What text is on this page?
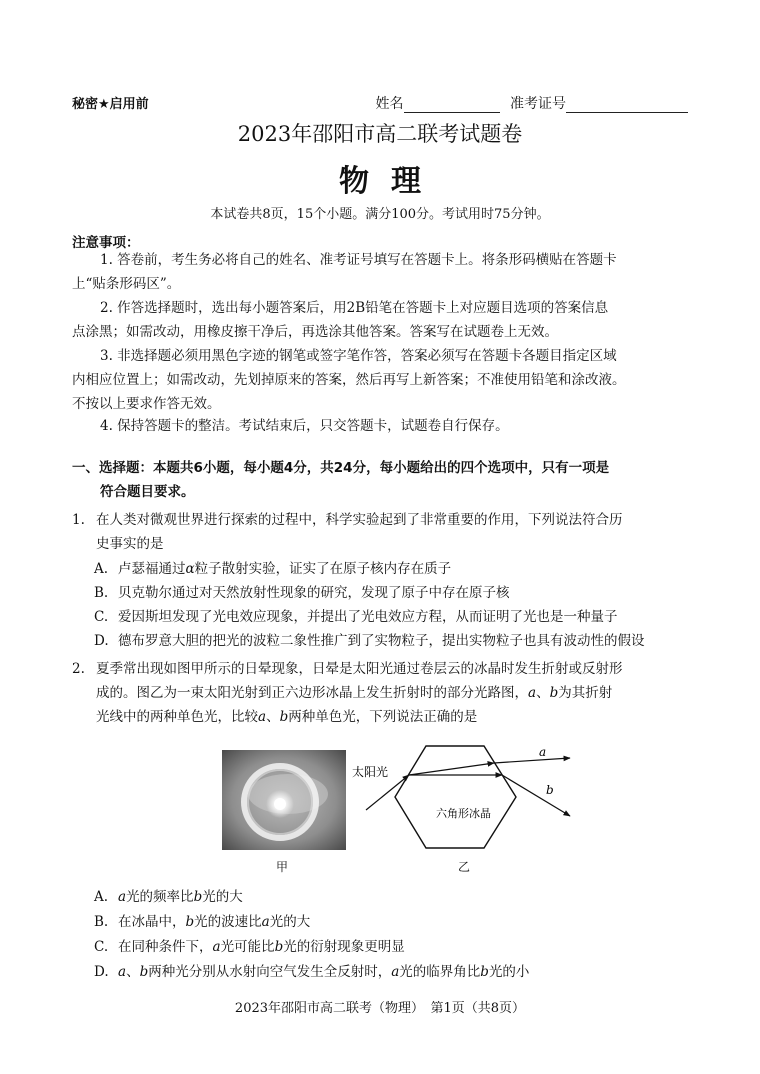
秘密★启用前	姓名	准考证号
2023年邵阳市高二联考试题卷
物理
本试卷共8页，15个小题。满分100分。考试用时75分钟。
注意事项：
1. 答卷前，考生务必将自己的姓名、准考证号填写在答题卡上。将条形码横贴在答题卡
上“贴条形码区”。
2. 作答选择题时，选出每小题答案后，用2B铅笔在答题卡上对应题目选项的答案信息
点涂黑；如需改动，用橡皮擦干净后，再选涂其他答案。答案写在试题卷上无效。
3. 非选择题必须用黑色字迹的钢笔或签字笔作答，答案必须写在答题卡各题目指定区域
内相应位置上；如需改动，先划掉原来的答案，然后再写上新答案；不准使用铅笔和涂改液。
不按以上要求作答无效。
4. 保持答题卡的整洁。考试结束后，只交答题卡，试题卷自行保存。
一、选择题：本题共6小题，每小题4分，共24分，每小题给出的四个选项中，只有一项是
符合题目要求。
1. 在人类对微观世界进行探索的过程中，科学实验起到了非常重要的作用，下列说法符合历
史事实的是
A. 卢瑟福通过α粒子散射实验，证实了在原子核内存在质子
B. 贝克勒尔通过对天然放射性现象的研究，发现了原子中存在原子核
C. 爱因斯坦发现了光电效应现象，并提出了光电效应方程，从而证明了光也是一种量子
D. 德布罗意大胆的把光的波粒二象性推广到了实物粒子，提出实物粒子也具有波动性的假设
2. 夏季常出现如图甲所示的日晕现象，日晕是太阳光通过卷层云的冰晶时发生折射或反射形
成的。图乙为一束太阳光射到正六边形冰晶上发生折射时的部分光路图，a、b为其折射
光线中的两种单色光，比较a、b两种单色光，下列说法正确的是
甲
太阳光
六角形冰晶
a
b
乙
A. a光的频率比b光的大
B. 在冰晶中，b光的波速比a光的大
C. 在同种条件下，a光可能比b光的衍射现象更明显
D. a、b两种光分别从水射向空气发生全反射时，a光的临界角比b光的小
2023年邵阳市高二联考（物理）　第1页（共8页）
